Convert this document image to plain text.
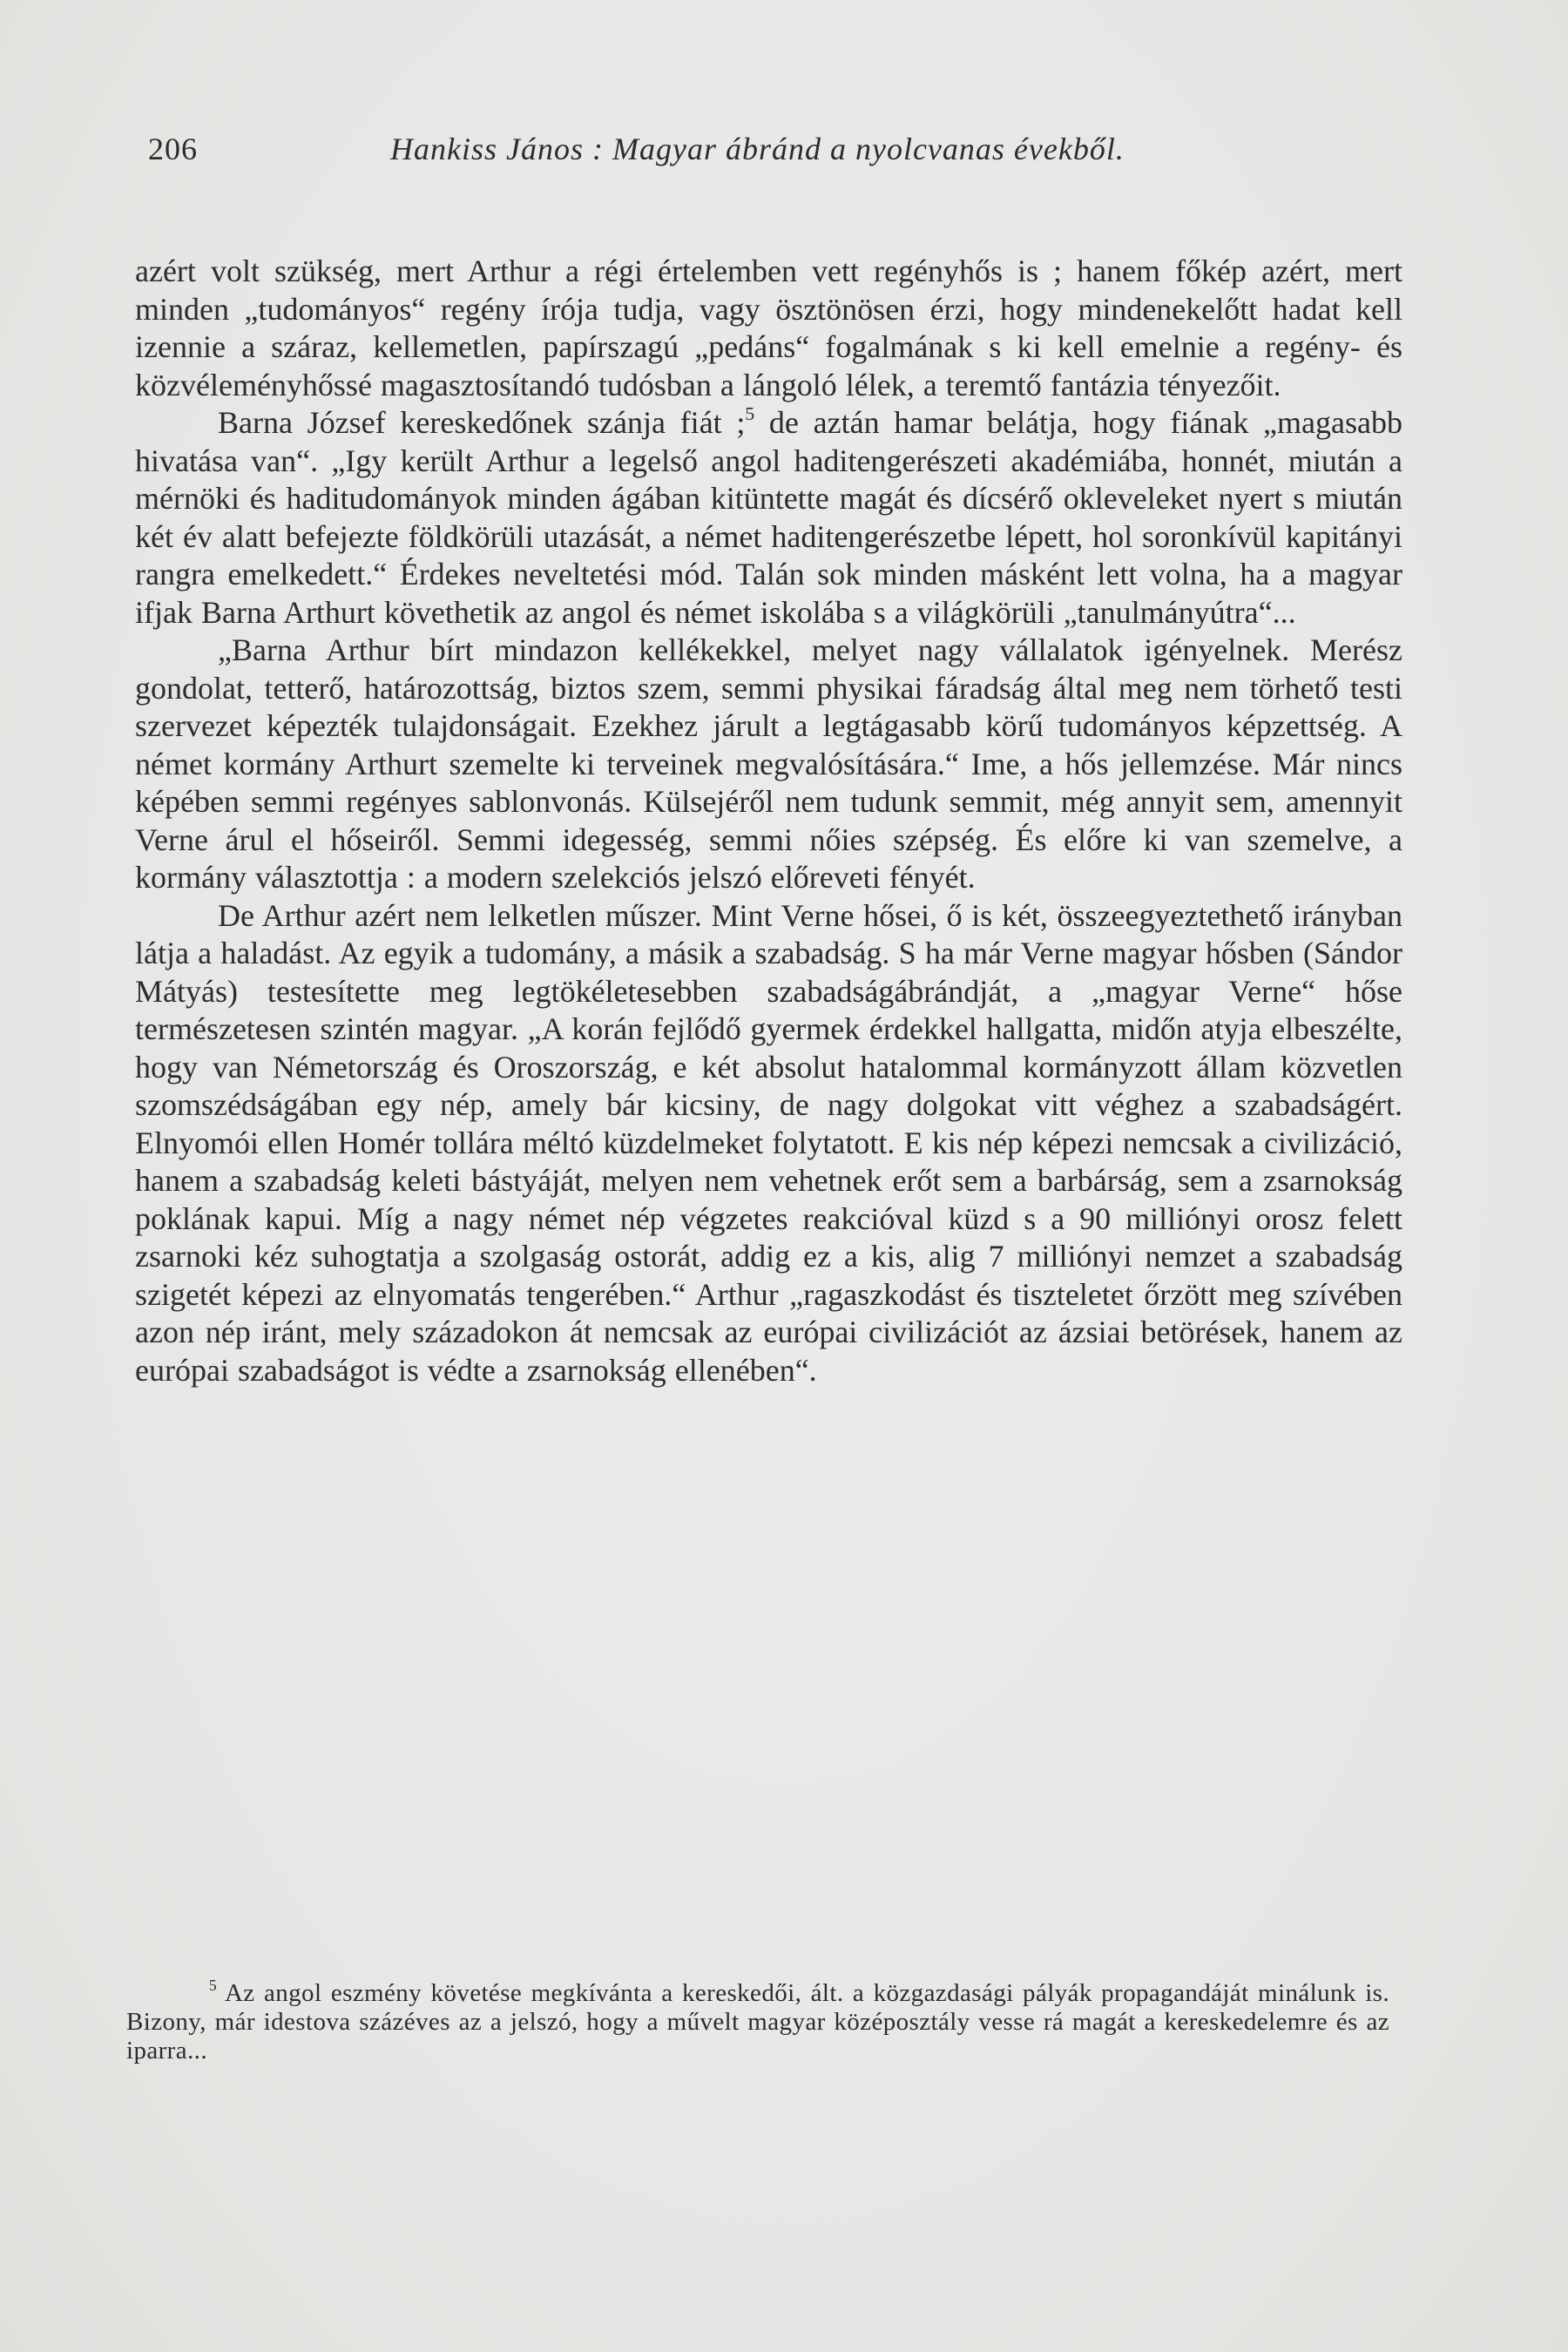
206	Hankiss János : Magyar ábránd a nyolcvanas évekből.

azért volt szükség, mert Arthur a régi értelemben vett regényhős is ; hanem főkép azért, mert minden „tudományos“ regény írója tudja, vagy ösztönösen érzi, hogy mindenekelőtt hadat kell izennie a száraz, kellemetlen, papírszagú „pedáns“ fogalmának s ki kell emelnie a regény- és közvéleményhőssé magasztosítandó tudósban a lángoló lélek, a teremtő fantázia tényezőit.

Barna József kereskedőnek szánja fiát ;$^5$ de aztán hamar belátja, hogy fiának „magasabb hivatása van“. „Igy került Arthur a legelső angol haditengerészeti akadémiába, honnét, miután a mérnöki és haditudományok minden ágában kitüntette magát és dícsérő okleveleket nyert s miután két év alatt befejezte földkörüli utazását, a német haditengerészetbe lépett, hol soronkívül kapitányi rangra emelkedett.“ Érdekes neveltetési mód. Talán sok minden másként lett volna, ha a magyar ifjak Barna Arthurt követhetik az angol és német iskolába s a világkörüli „tanulmányútra“...

„Barna Arthur bírt mindazon kellékekkel, melyet nagy vállalatok igényelnek. Merész gondolat, tetterő, határozottság, biztos szem, semmi physikai fáradság által meg nem törhető testi szervezet képezték tulajdonságait. Ezekhez járult a legtágasabb körű tudományos képzettség. A német kormány Arthurt szemelte ki terveinek megvalósítására.“ Ime, a hős jellemzése. Már nincs képében semmi regényes sablonvonás. Külsejéről nem tudunk semmit, még annyit sem, amennyit Verne árul el hőseiről. Semmi idegesség, semmi nőies szépség. És előre ki van szemelve, a kormány választottja : a modern szelekciós jelszó előreveti fényét.

De Arthur azért nem lelketlen műszer. Mint Verne hősei, ő is két, összeegyeztethető irányban látja a haladást. Az egyik a tudomány, a másik a szabadság. S ha már Verne magyar hősben (Sándor Mátyás) testesítette meg legtökéletesebben szabadságábrándját, a „magyar Verne“ hőse természetesen szintén magyar. „A korán fejlődő gyermek érdekkel hallgatta, midőn atyja elbeszélte, hogy van Németország és Oroszország, e két absolut hatalommal kormányzott állam közvetlen szomszédságában egy nép, amely bár kicsiny, de nagy dolgokat vitt véghez a szabadságért. Elnyomói ellen Homér tollára méltó küzdelmeket folytatott. E kis nép képezi nemcsak a civilizáció, hanem a szabadság keleti bástyáját, melyen nem vehetnek erőt sem a barbárság, sem a zsarnokság poklának kapui. Míg a nagy német nép végzetes reakcióval küzd s a 90 milliónyi orosz felett zsarnoki kéz suhogtatja a szolgaság ostorát, addig ez a kis, alig 7 milliónyi nemzet a szabadság szigetét képezi az elnyomatás tengerében.“ Arthur „ragaszkodást és tiszteletet őrzött meg szívében azon nép iránt, mely századokon át nemcsak az európai civilizációt az ázsiai betörések, hanem az európai szabadságot is védte a zsarnokság ellenében“.

$^5$ Az angol eszmény követése megkívánta a kereskedői, ált. a közgazdasági pályák propagandáját minálunk is. Bizony, már idestova százéves az a jelszó, hogy a művelt magyar középosztály vesse rá magát a kereskedelemre és az iparra...
